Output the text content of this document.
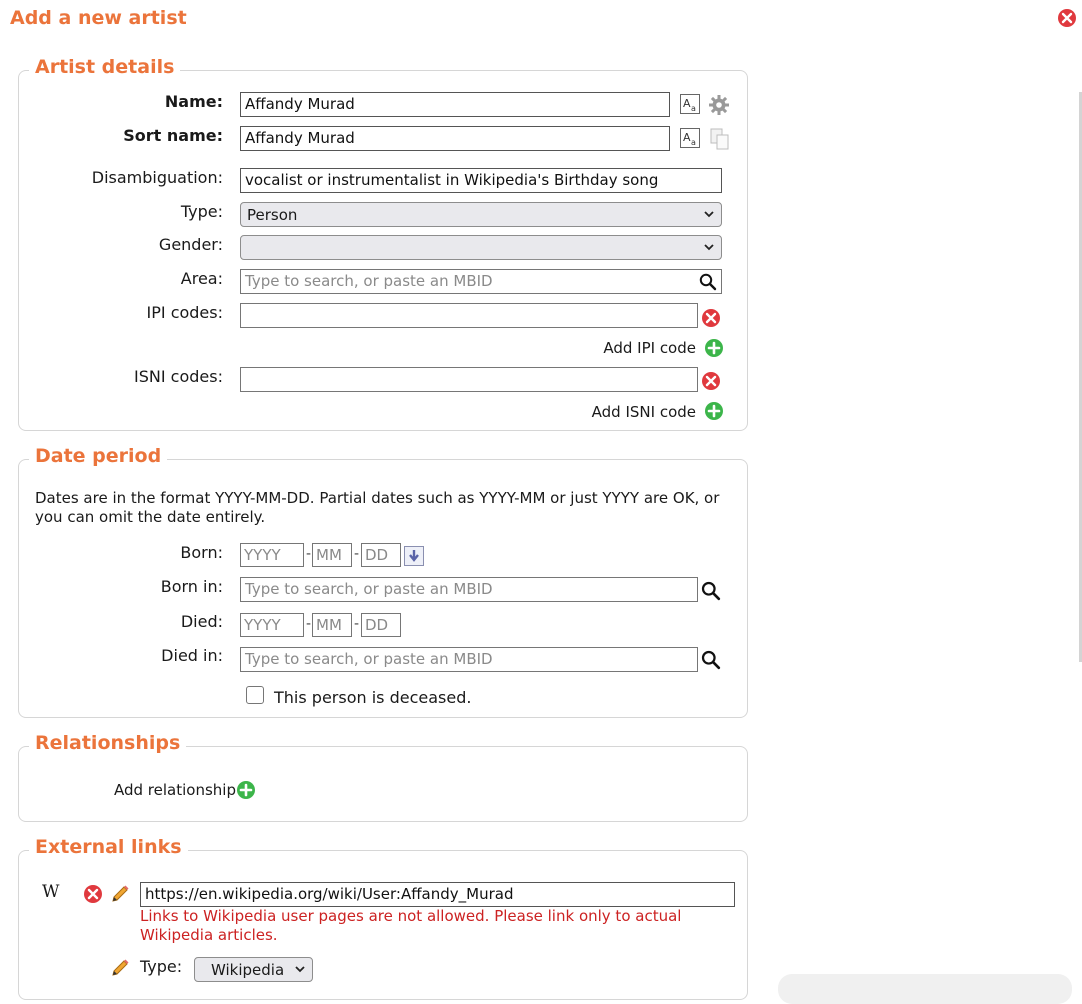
Add a new artist
Artist details
Name:	Affandy Murad	A a
Sort name:	Affandy Murad	A a
Disambiguation:	vocalist or instrumentalist in Wikipedia's Birthday song
Type:	Person
Gender:
Area:	Type to search, or paste an MBID
IPI codes:
Add IPI code
ISNI codes:
Add ISNI code
Date period
Dates are in the format YYYY-MM-DD. Partial dates such as YYYY-MM or just YYYY are OK, or you can omit the date entirely.
Born: YYYY	- MM - DD
Born in:	Type to search, or paste an MBID
Died: YYYY	- MM - DD
Died in:	Type to search, or paste an MBID
This person is deceased.
Relationships
Add relationship
External links
W	https://en.wikipedia.org/wiki/User:Affandy_Murad
Links to Wikipedia user pages are not allowed. Please link only to actual Wikipedia articles.
Type:	Wikipedia
